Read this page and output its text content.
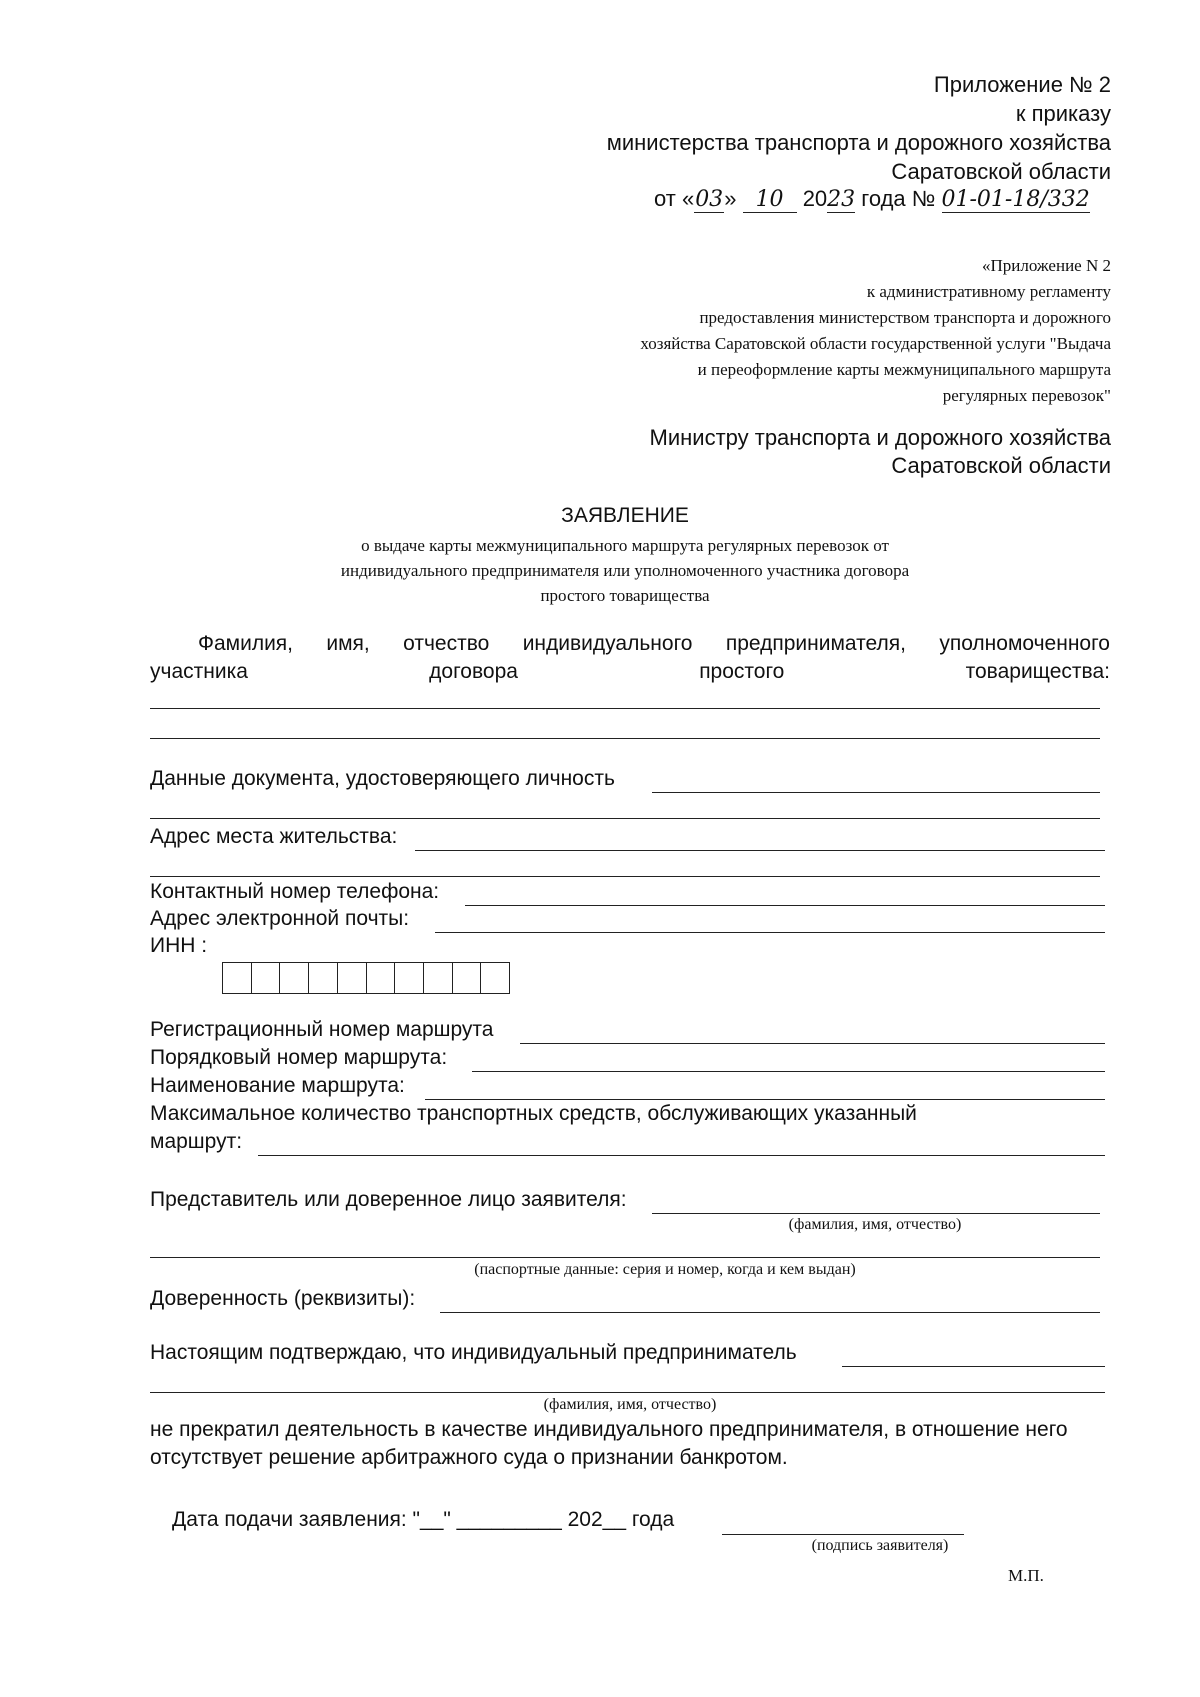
Приложение № 2
к приказу
министерства транспорта и дорожного хозяйства
Саратовской области
от «03» 10 2023 года № 01-01-18/332
«Приложение N 2
к административному регламенту
предоставления министерством транспорта и дорожного
хозяйства Саратовской области государственной услуги "Выдача
и переоформление карты межмуниципального маршрута
регулярных перевозок"
Министру транспорта и дорожного хозяйства
Саратовской области
ЗАЯВЛЕНИЕ
о выдаче карты межмуниципального маршрута регулярных перевозок от
индивидуального предпринимателя или уполномоченного участника договора
простого товарищества
Фамилия, имя, отчество индивидуального предпринимателя, уполномоченного
участника	договора	простого	товарищества:
Данные документа, удостоверяющего личность
Адрес места жительства:
Контактный номер телефона:
Адрес электронной почты:
ИНН :
Регистрационный номер маршрута
Порядковый номер маршрута:
Наименование маршрута:
Максимальное количество транспортных средств, обслуживающих указанный
маршрут:
Представитель или доверенное лицо заявителя:
(фамилия, имя, отчество)
(паспортные данные: серия и номер, когда и кем выдан)
Доверенность (реквизиты):
Настоящим подтверждаю, что индивидуальный предприниматель
(фамилия, имя, отчество)
не прекратил деятельность в качестве индивидуального предпринимателя, в отношение него
отсутствует решение арбитражного суда о признании банкротом.
Дата подачи заявления: "__" _________ 202__ года
(подпись заявителя)
М.П.
